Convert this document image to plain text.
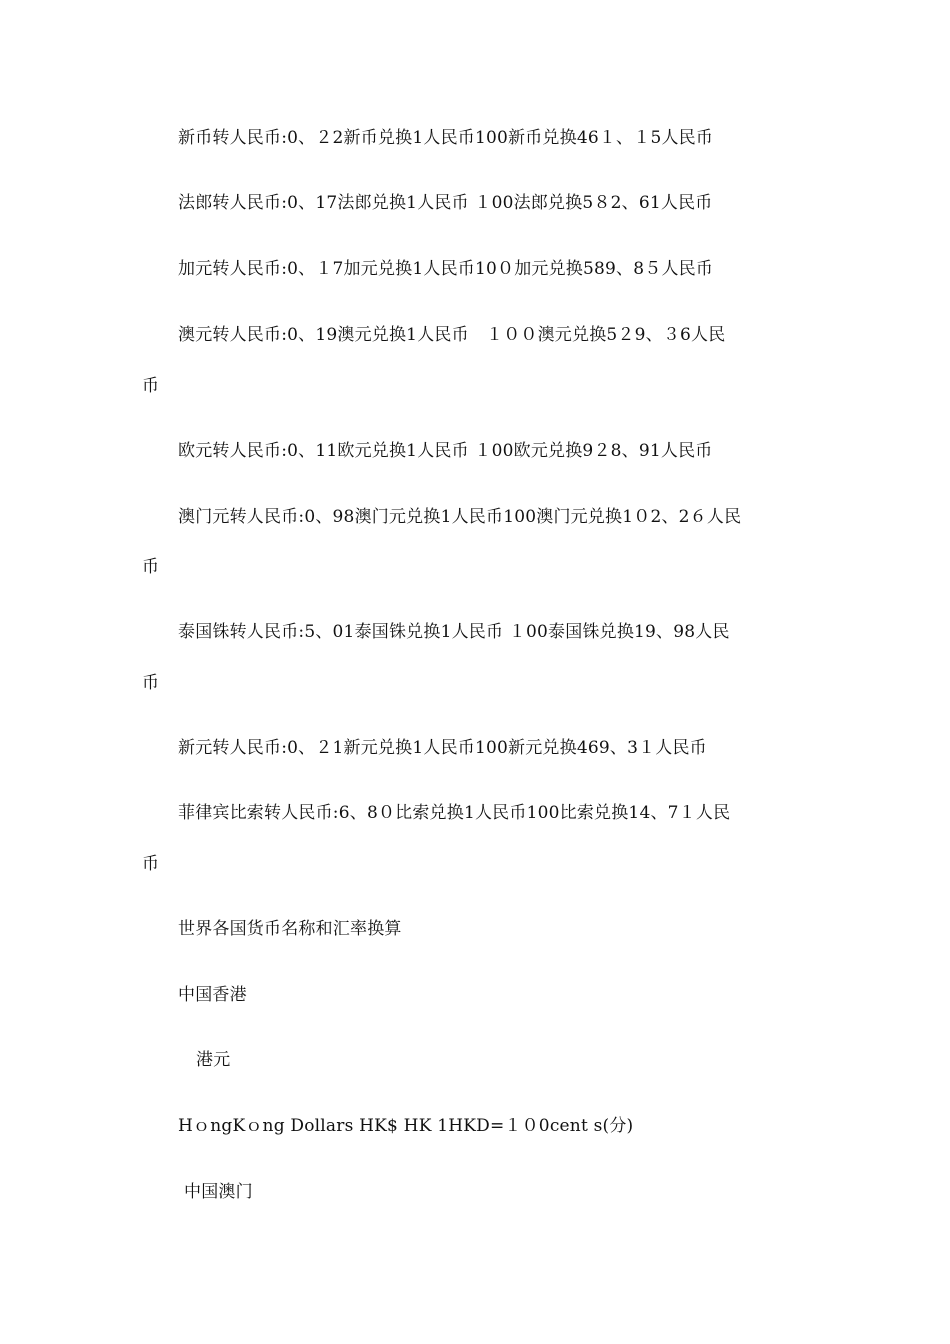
新币转人民币:0、２2新币兑换1人民币100新币兑换46１、１5人民币
法郎转人民币:0、17法郎兑换1人民币 １00法郎兑换5８2、61人民币
加元转人民币:0、１7加元兑换1人民币10０加元兑换589、8５人民币
澳元转人民币:0、19澳元兑换1人民币　１００澳元兑换5２9、３6人民
币
欧元转人民币:0、11欧元兑换1人民币 １00欧元兑换9２8、91人民币
澳门元转人民币:0、98澳门元兑换1人民币100澳门元兑换1０2、2６人民
币
泰国铢转人民币:5、01泰国铢兑换1人民币 １00泰国铢兑换19、98人民
币
新元转人民币:0、２1新元兑换1人民币100新元兑换469、3１人民币
菲律宾比索转人民币:6、8０比索兑换1人民币100比索兑换14、7１人民
币
世界各国货币名称和汇率换算
中国香港
港元
HｏngKｏng Dollars HK$ HK 1HKD=１０0cent s(分)
中国澳门
